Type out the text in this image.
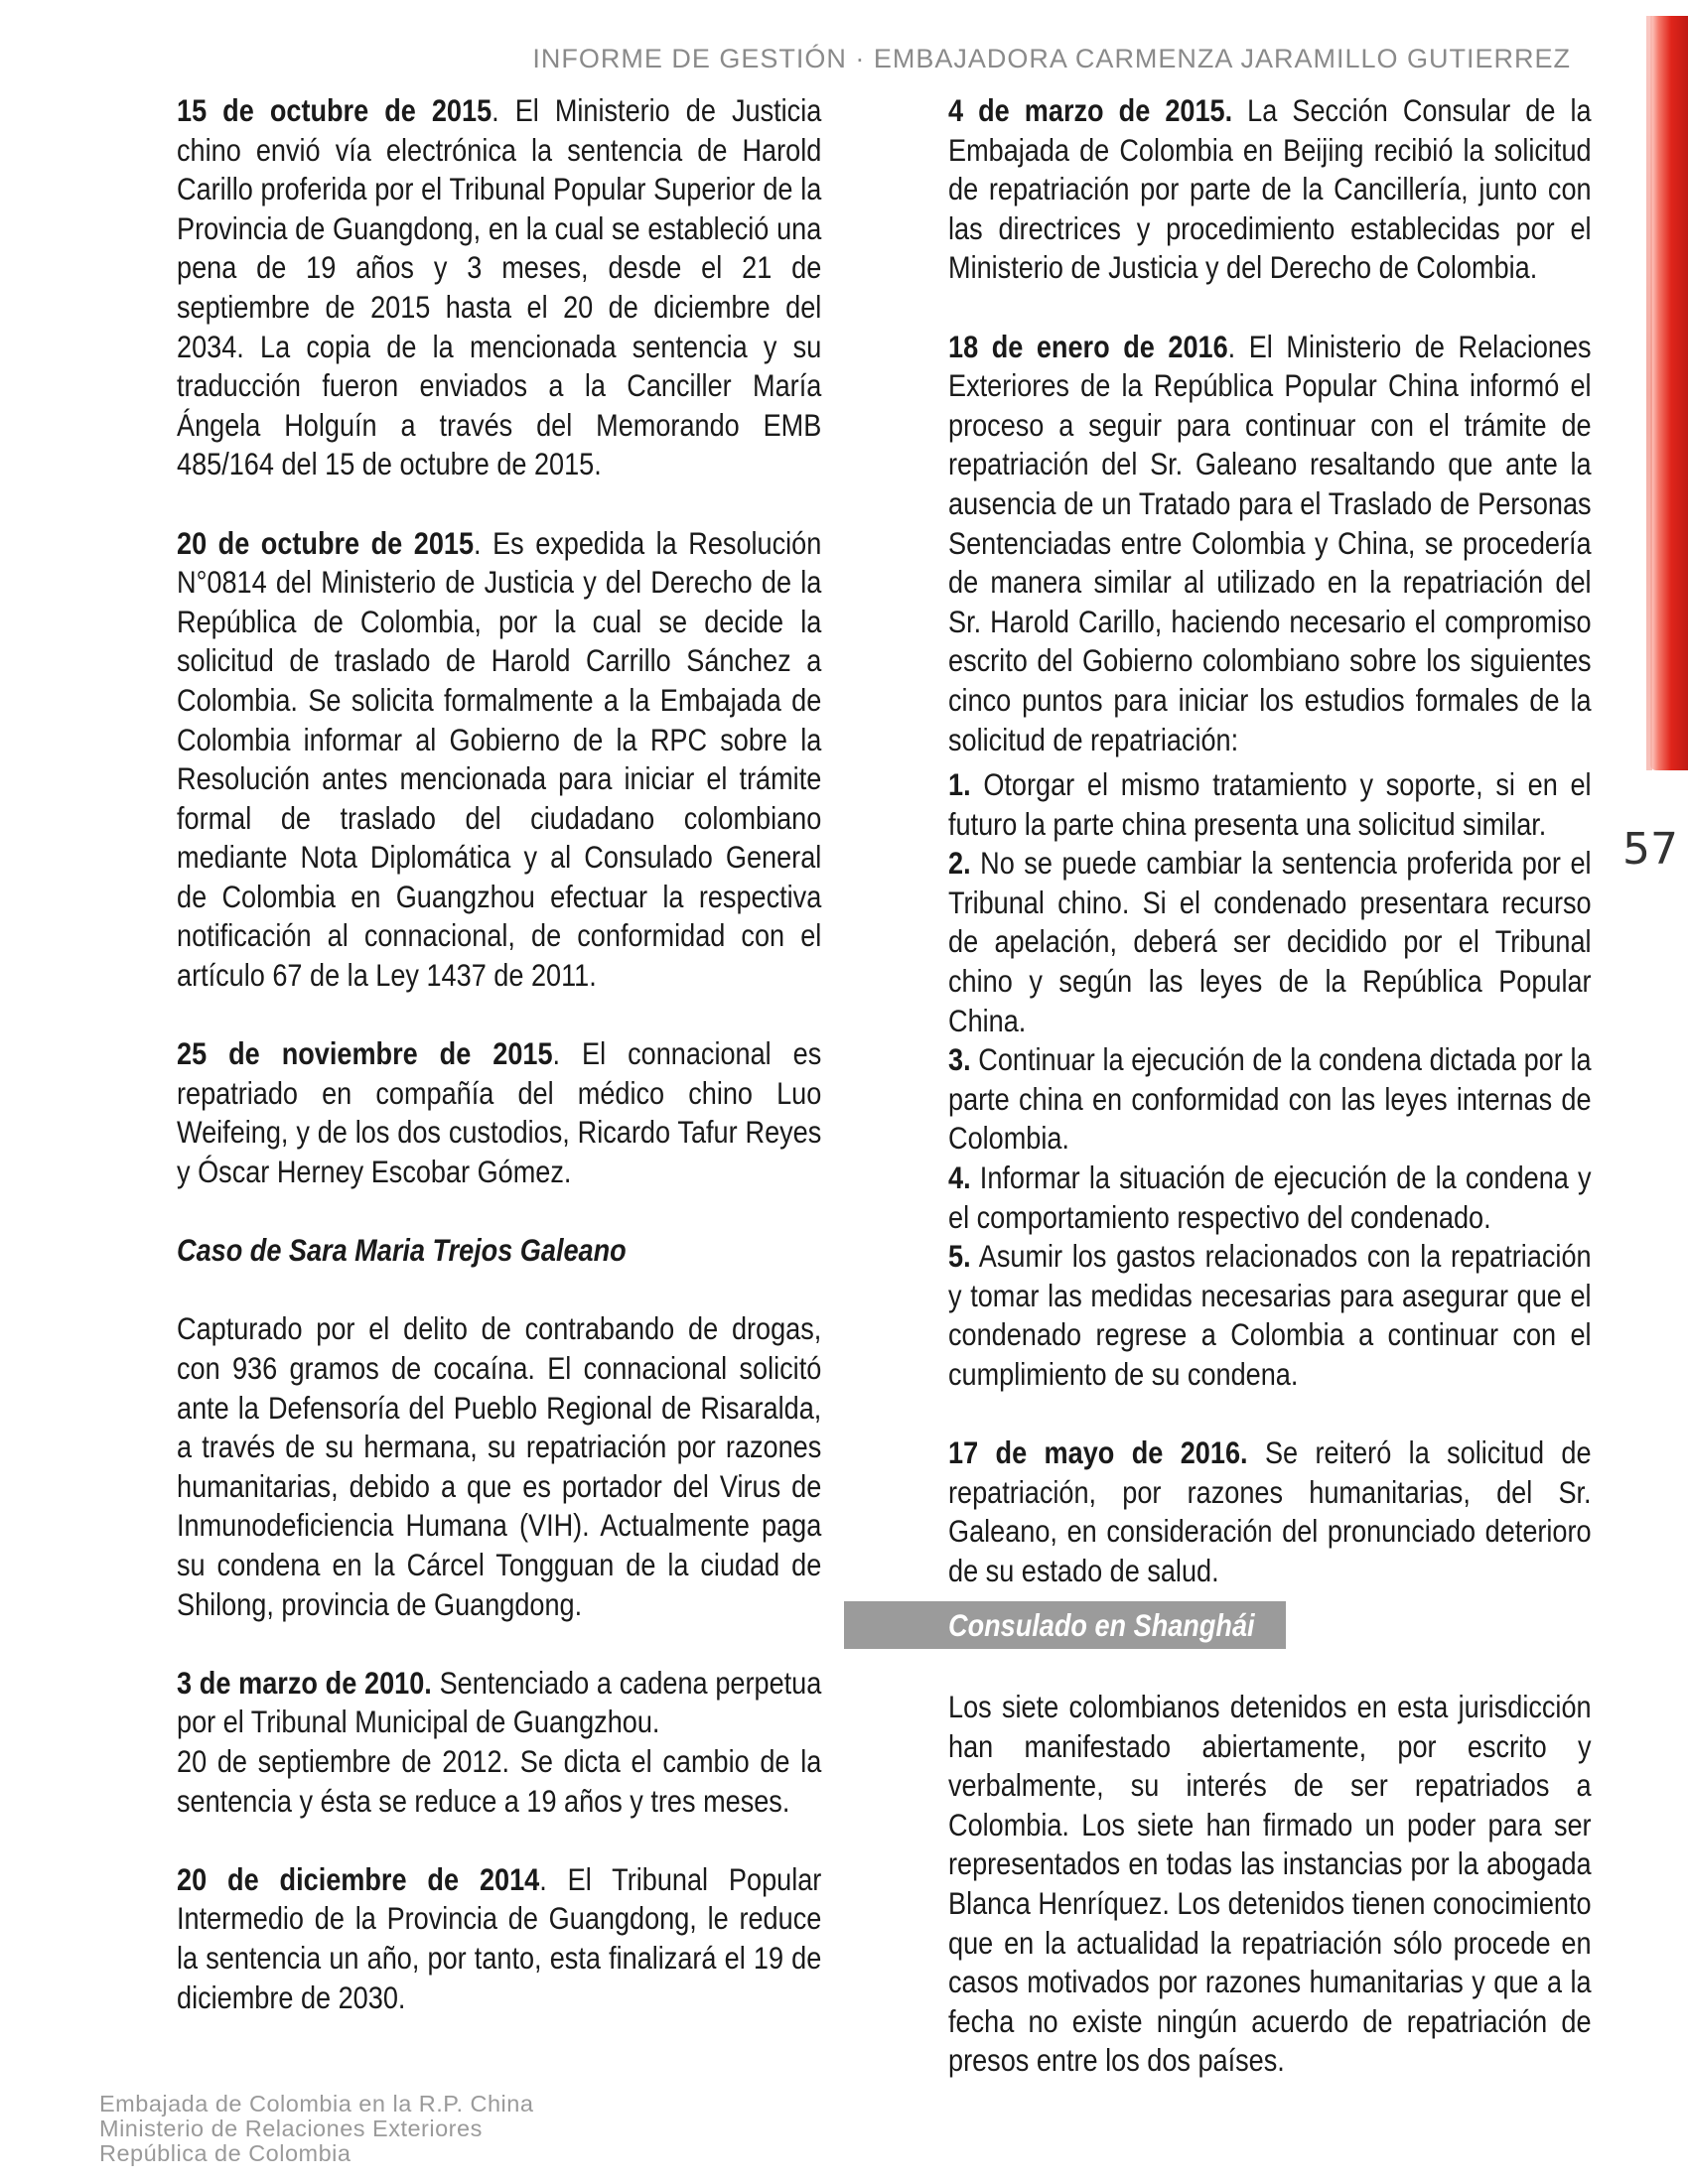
INFORME DE GESTIÓN · EMBAJADORA CARMENZA JARAMILLO GUTIERREZ
57

15 de octubre de 2015. El Ministerio de Justicia chino envió vía electrónica la sentencia de Harold Carillo proferida por el Tribunal Popular Superior de la Provincia de Guangdong, en la cual se estableció una pena de 19 años y 3 meses, desde el 21 de septiembre de 2015 hasta el 20 de diciembre del 2034. La copia de la mencionada sentencia y su traducción fueron enviados a la Canciller María Ángela Holguín a través del Memorando EMB 485/164 del 15 de octubre de 2015.

20 de octubre de 2015. Es expedida la Resolución N°0814 del Ministerio de Justicia y del Derecho de la República de Colombia, por la cual se decide la solicitud de traslado de Harold Carrillo Sánchez a Colombia. Se solicita formalmente a la Embajada de Colombia informar al Gobierno de la RPC sobre la Resolución antes mencionada para iniciar el trámite formal de traslado del ciudadano colombiano mediante Nota Diplomática y al Consulado General de Colombia en Guangzhou efectuar la respectiva notificación al connacional, de conformidad con el artículo 67 de la Ley 1437 de 2011.

25 de noviembre de 2015. El connacional es repatriado en compañía del médico chino Luo Weifeing, y de los dos custodios, Ricardo Tafur Reyes y Óscar Herney Escobar Gómez.

Caso de Sara Maria Trejos Galeano

Capturado por el delito de contrabando de drogas, con 936 gramos de cocaína. El connacional solicitó ante la Defensoría del Pueblo Regional de Risaralda, a través de su hermana, su repatriación por razones humanitarias, debido a que es portador del Virus de Inmunodeficiencia Humana (VIH). Actualmente paga su condena en la Cárcel Tongguan de la ciudad de Shilong, provincia de Guangdong.

3 de marzo de 2010. Sentenciado a cadena perpetua por el Tribunal Municipal de Guangzhou.

20 de septiembre de 2012. Se dicta el cambio de la sentencia y ésta se reduce a 19 años y tres meses.

20 de diciembre de 2014. El Tribunal Popular Intermedio de la Provincia de Guangdong, le reduce la sentencia un año, por tanto, esta finalizará el 19 de diciembre de 2030.

4 de marzo de 2015. La Sección Consular de la Embajada de Colombia en Beijing recibió la solicitud de repatriación por parte de la Cancillería, junto con las directrices y procedimiento establecidas por el Ministerio de Justicia y del Derecho de Colombia.

18 de enero de 2016. El Ministerio de Relaciones Exteriores de la República Popular China informó el proceso a seguir para continuar con el trámite de repatriación del Sr. Galeano resaltando que ante la ausencia de un Tratado para el Traslado de Personas Sentenciadas entre Colombia y China, se procedería de manera similar al utilizado en la repatriación del Sr. Harold Carillo, haciendo necesario el compromiso escrito del Gobierno colombiano sobre los siguientes cinco puntos para iniciar los estudios formales de la solicitud de repatriación:

1. Otorgar el mismo tratamiento y soporte, si en el futuro la parte china presenta una solicitud similar.

2. No se puede cambiar la sentencia proferida por el Tribunal chino. Si el condenado presentara recurso de apelación, deberá ser decidido por el Tribunal chino y según las leyes de la República Popular China.

3. Continuar la ejecución de la condena dictada por la parte china en conformidad con las leyes internas de Colombia.

4. Informar la situación de ejecución de la condena y el comportamiento respectivo del condenado.

5. Asumir los gastos relacionados con la repatriación y tomar las medidas necesarias para asegurar que el condenado regrese a Colombia a continuar con el cumplimiento de su condena.

17 de mayo de 2016. Se reiteró la solicitud de repatriación, por razones humanitarias, del Sr. Galeano, en consideración del pronunciado deterioro de su estado de salud.

Consulado en Shanghái

Los siete colombianos detenidos en esta jurisdicción han manifestado abiertamente, por escrito y verbalmente, su interés de ser repatriados a Colombia. Los siete han firmado un poder para ser representados en todas las instancias por la abogada Blanca Henríquez. Los detenidos tienen conocimiento que en la actualidad la repatriación sólo procede en casos motivados por razones humanitarias y que a la fecha no existe ningún acuerdo de repatriación de presos entre los dos países.

Embajada de Colombia en la R.P. China
Ministerio de Relaciones Exteriores
República de Colombia
